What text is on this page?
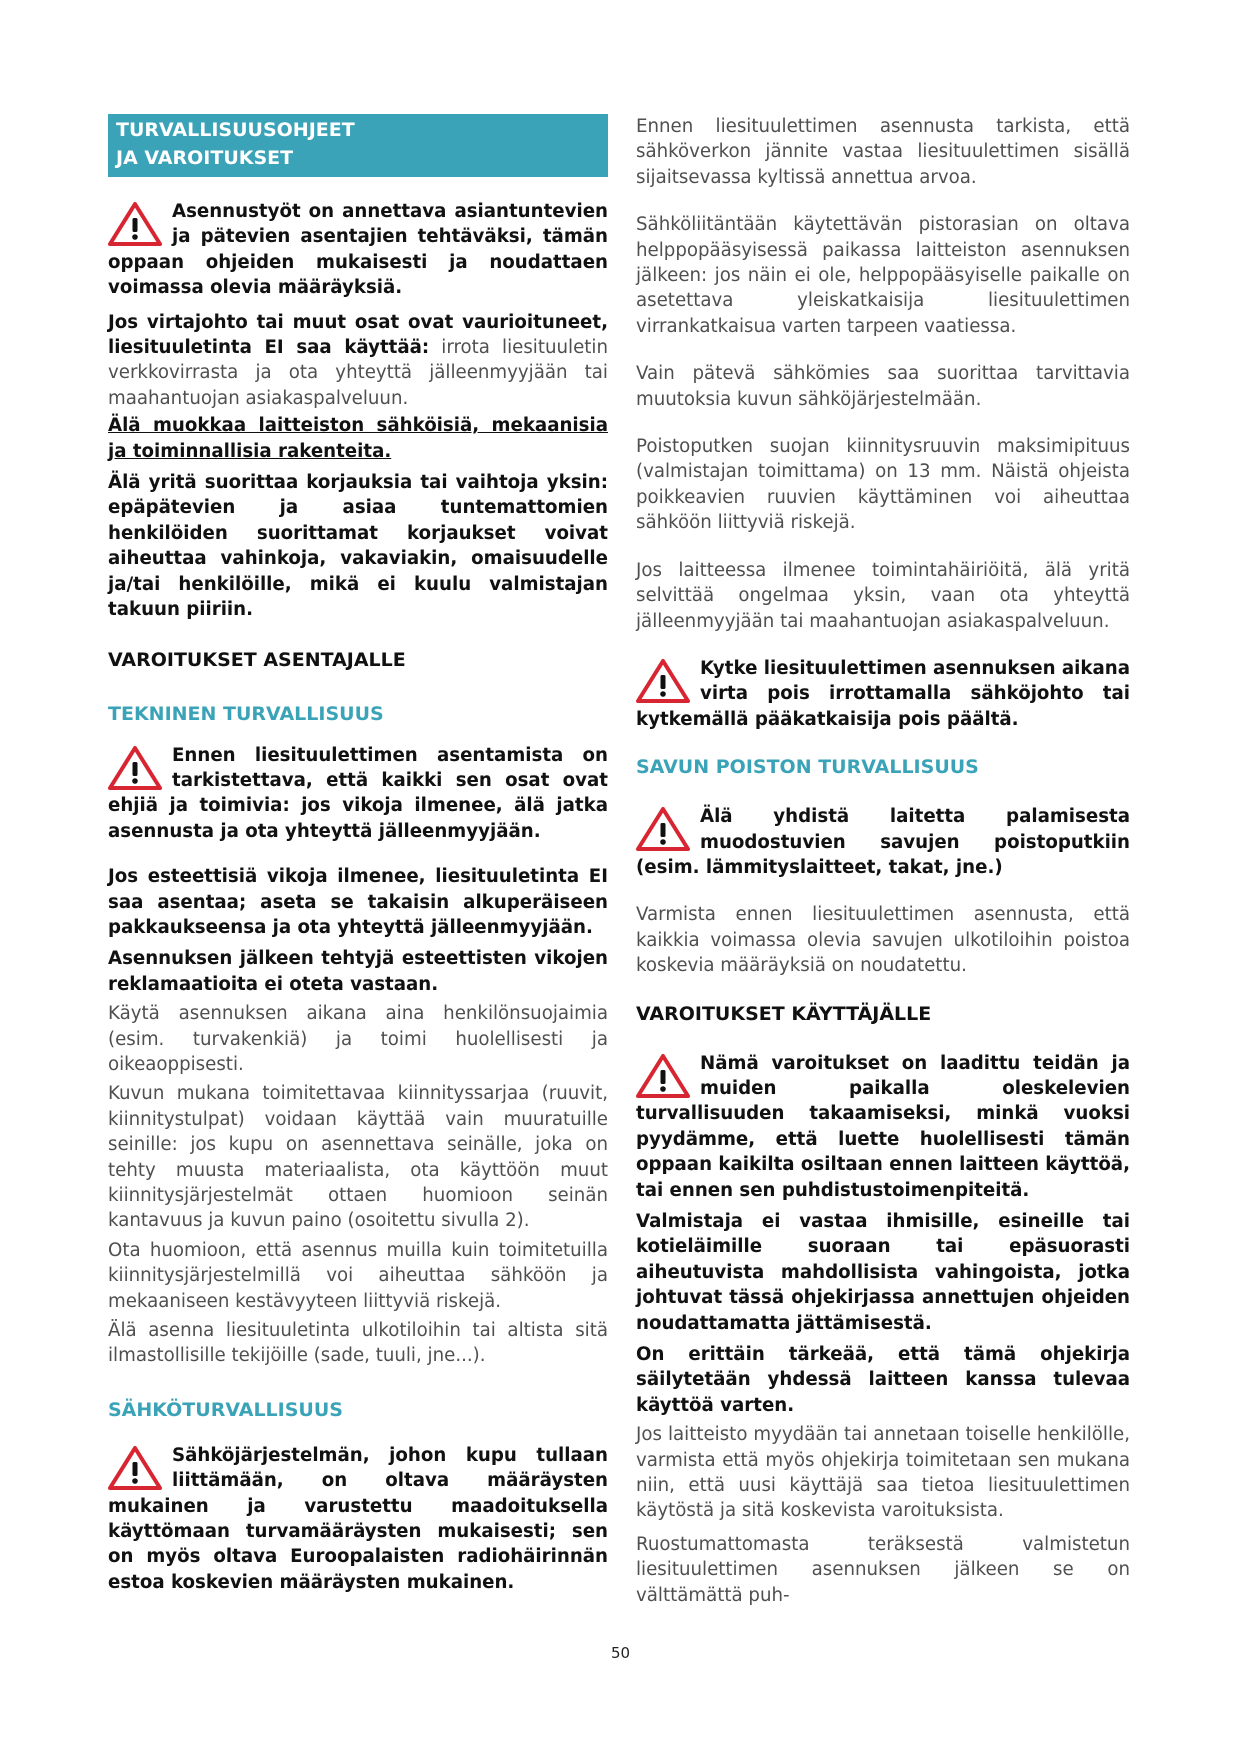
TURVALLISUUSOHJEET
JA VAROITUKSET

Asennustyöt on annettava asiantuntevien ja pätevien asentajien tehtäväksi, tämän oppaan ohjeiden mukaisesti ja noudattaen voimassa olevia määräyksiä.

Jos virtajohto tai muut osat ovat vaurioituneet, liesituuletinta EI saa käyttää: irrota liesituuletin verkkovirrasta ja ota yhteyttä jälleenmyyjään tai maahantuojan asiakaspalveluun.

Älä muokkaa laitteiston sähköisiä, mekaanisia ja toiminnallisia rakenteita.

Älä yritä suorittaa korjauksia tai vaihtoja yksin: epäpätevien ja asiaa tuntemattomien henkilöiden suorittamat korjaukset voivat aiheuttaa vahinkoja, vakaviakin, omaisuudelle ja/tai henkilöille, mikä ei kuulu valmistajan takuun piiriin.

VAROITUKSET ASENTAJALLE
TEKNINEN TURVALLISUUS

Ennen liesituulettimen asentamista on tarkistettava, että kaikki sen osat ovat ehjiä ja toimivia: jos vikoja ilmenee, älä jatka asennusta ja ota yhteyttä jälleenmyyjään.

Jos esteettisiä vikoja ilmenee, liesituuletinta EI saa asentaa; aseta se takaisin alkuperäiseen pakkaukseensa ja ota yhteyttä jälleenmyyjään.

Asennuksen jälkeen tehtyjä esteettisten vikojen reklamaatioita ei oteta vastaan.

Käytä asennuksen aikana aina henkilönsuojaimia (esim. turvakenkiä) ja toimi huolellisesti ja oikeaoppisesti.

Kuvun mukana toimitettavaa kiinnityssarjaa (ruuvit, kiinnitystulpat) voidaan käyttää vain muuratuille seinille: jos kupu on asennettava seinälle, joka on tehty muusta materiaalista, ota käyttöön muut kiinnitysjärjestelmät ottaen huomioon seinän kantavuus ja kuvun paino (osoitettu sivulla 2).

Ota huomioon, että asennus muilla kuin toimitetuilla kiinnitysjärjestelmillä voi aiheuttaa sähköön ja mekaaniseen kestävyyteen liittyviä riskejä.

Älä asenna liesituuletinta ulkotiloihin tai altista sitä ilmastollisille tekijöille (sade, tuuli, jne...).

SÄHKÖTURVALLISUUS

Sähköjärjestelmän, johon kupu tullaan liittämään, on oltava määräysten mukainen ja varustettu maadoituksella käyttömaan turvamääräysten mukaisesti; sen on myös oltava Euroopalaisten radiohäirinnän estoa koskevien määräysten mukainen.

Ennen liesituulettimen asennusta tarkista, että sähköverkon jännite vastaa liesituulettimen sisällä sijaitsevassa kyltissä annettua arvoa.

Sähköliitäntään käytettävän pistorasian on oltava helppopääsyisessä paikassa laitteiston asennuksen jälkeen: jos näin ei ole, helppopääsyiselle paikalle on asetettava yleiskatkaisija liesituulettimen virrankatkaisua varten tarpeen vaatiessa.

Vain pätevä sähkömies saa suorittaa tarvittavia muutoksia kuvun sähköjärjestelmään.

Poistoputken suojan kiinnitysruuvin maksimipituus (valmistajan toimittama) on 13 mm. Näistä ohjeista poikkeavien ruuvien käyttäminen voi aiheuttaa sähköön liittyviä riskejä.

Jos laitteessa ilmenee toimintahäiriöitä, älä yritä selvittää ongelmaa yksin, vaan ota yhteyttä jälleenmyyjään tai maahantuojan asiakaspalveluun.

Kytke liesituulettimen asennuksen aikana virta pois irrottamalla sähköjohto tai kytkemällä pääkatkaisija pois päältä.

SAVUN POISTON TURVALLISUUS

Älä yhdistä laitetta palamisesta muodostuvien savujen poistoputkiin (esim. lämmityslaitteet, takat, jne.)

Varmista ennen liesituulettimen asennusta, että kaikkia voimassa olevia savujen ulkotiloihin poistoa koskevia määräyksiä on noudatettu.

VAROITUKSET KÄYTTÄJÄLLE

Nämä varoitukset on laadittu teidän ja muiden paikalla oleskelevien turvallisuuden takaamiseksi, minkä vuoksi pyydämme, että luette huolellisesti tämän oppaan kaikilta osiltaan ennen laitteen käyttöä, tai ennen sen puhdistustoimenpiteitä.

Valmistaja ei vastaa ihmisille, esineille tai kotieläimille suoraan tai epäsuorasti aiheutuvista mahdollisista vahingoista, jotka johtuvat tässä ohjekirjassa annettujen ohjeiden noudattamatta jättämisestä.

On erittäin tärkeää, että tämä ohjekirja säilytetään yhdessä laitteen kanssa tulevaa käyttöä varten.

Jos laitteisto myydään tai annetaan toiselle henkilölle, varmista että myös ohjekirja toimitetaan sen mukana niin, että uusi käyttäjä saa tietoa liesituulettimen käytöstä ja sitä koskevista varoituksista.

Ruostumattomasta teräksestä valmistetun liesituulettimen asennuksen jälkeen se on välttämättä puh-

50
